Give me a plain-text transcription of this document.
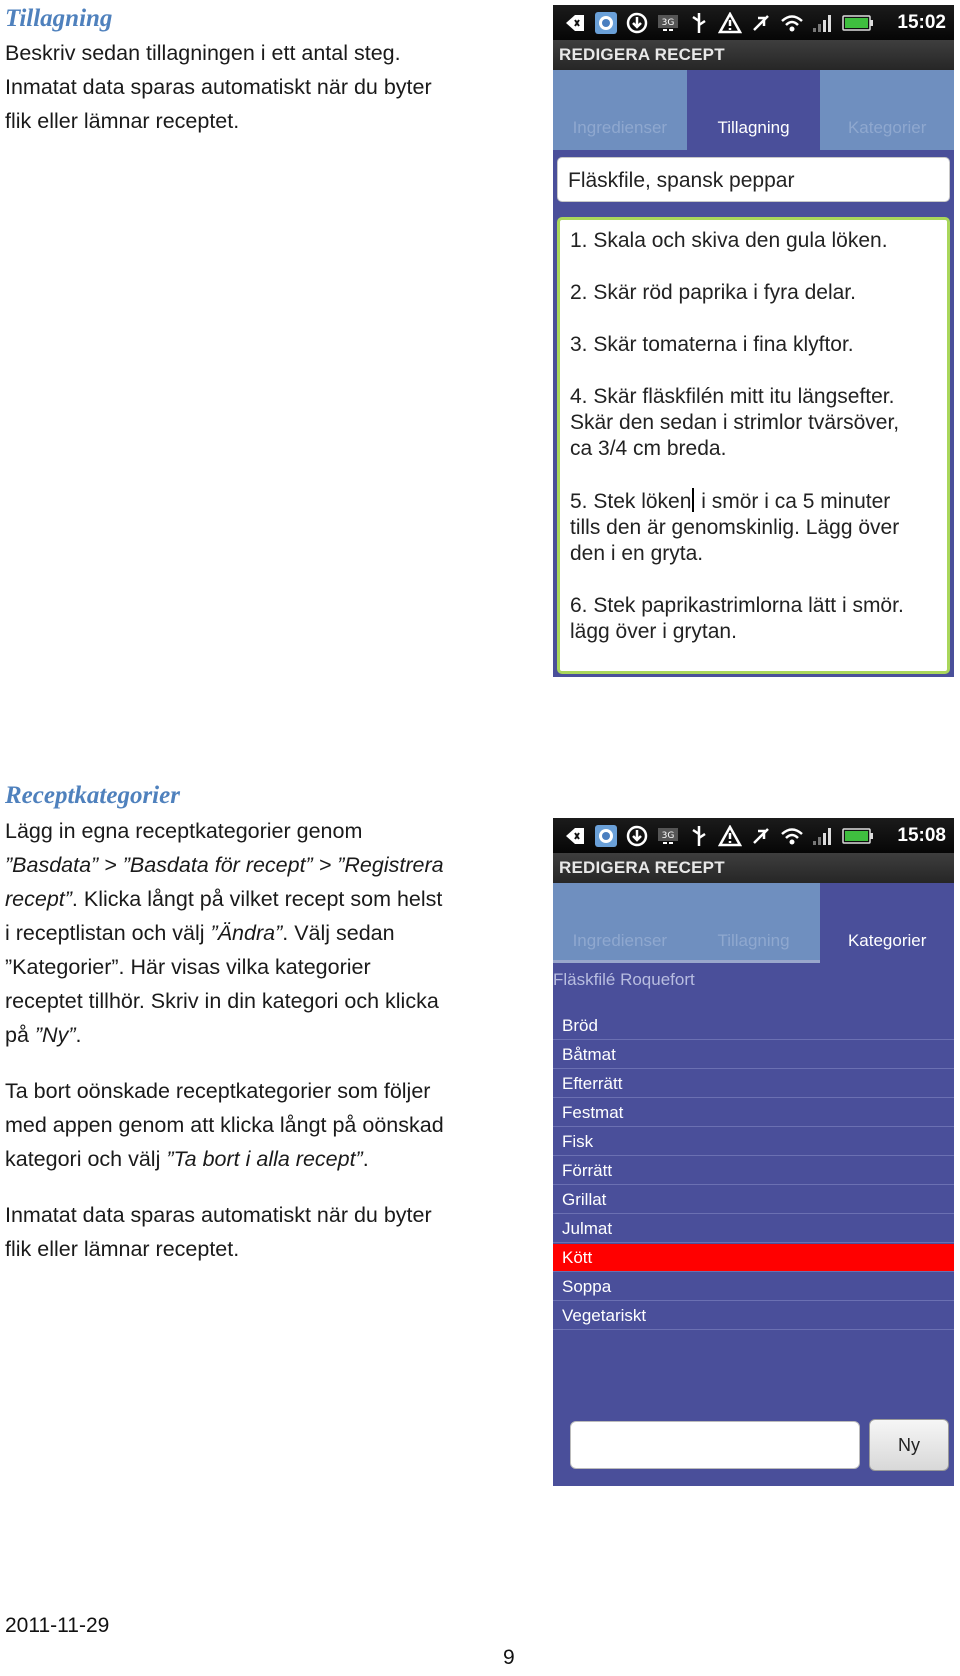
Tillagning

Beskriv sedan tillagningen i ett antal steg.

Inmatat data sparas automatiskt när du byter

flik eller lämnar receptet.

3G	15:02
REDIGERA RECEPT
Ingredienser	Tillagning	Kategorier
Fläskfile, spansk peppar
1. Skala och skiva den gula löken.
2. Skär röd paprika i fyra delar.
3. Skär tomaterna i fina klyftor.
4. Skär fläskfilén mitt itu längsefter.
Skär den sedan i strimlor tvärsöver,
ca 3/4 cm breda.
5. Stek löken i smör i ca 5 minuter
tills den är genomskinlig. Lägg över
den i en gryta.
6. Stek paprikastrimlorna lätt i smör.
lägg över i grytan.

Receptkategorier

Lägg in egna receptkategorier genom

”Basdata” > ”Basdata för recept” > ”Registrera

recept”. Klicka långt på vilket recept som helst

i receptlistan och välj ”Ändra”. Välj sedan

”Kategorier”. Här visas vilka kategorier

receptet tillhör. Skriv in din kategori och klicka

på ”Ny”.

Ta bort oönskade receptkategorier som följer

med appen genom att klicka långt på oönskad

kategori och välj ”Ta bort i alla recept”.

Inmatat data sparas automatiskt när du byter

flik eller lämnar receptet.

3G	15:08
REDIGERA RECEPT
Ingredienser	Tillagning	Kategorier
Fläskfilé Roquefort
Bröd
Båtmat
Efterrätt
Festmat
Fisk
Förrätt
Grillat
Julmat
Kött
Soppa
Vegetariskt
Ny

2011-11-29

9
